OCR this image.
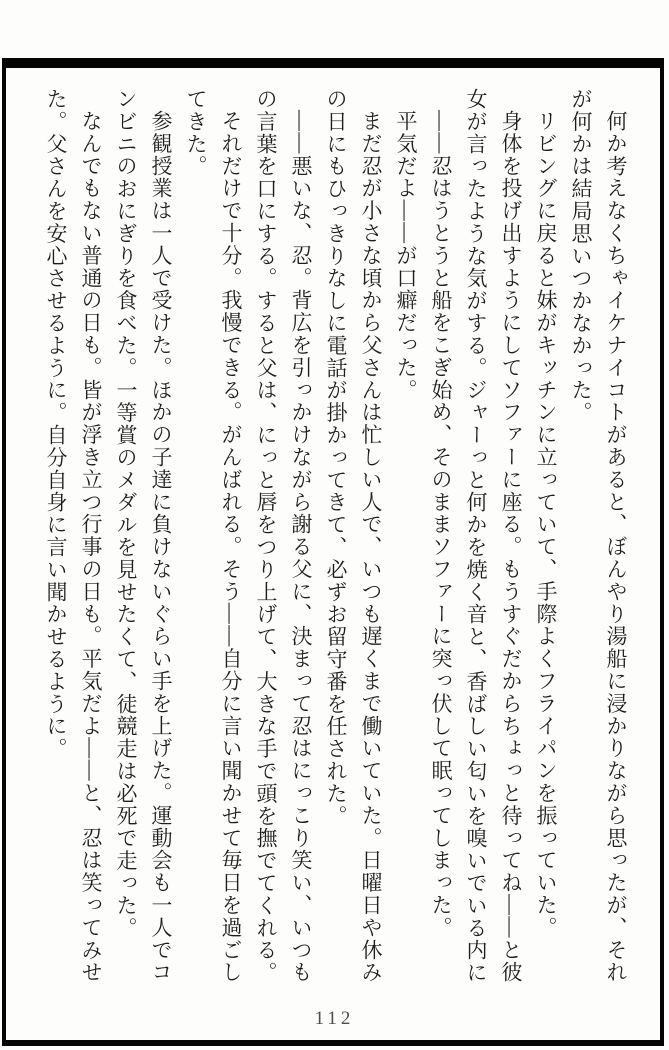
何か考えなくちゃイケナイコトがあると、ぼんやり湯船に浸かりながら思ったが、それ
が何かは結局思いつかなかった。
リビングに戻ると妹がキッチンに立っていて、手際よくフライパンを振っていた。
身体を投げ出すようにしてソファーに座る。もうすぐだからちょっと待ってね――と彼
女が言ったような気がする。ジャーっと何かを焼く音と、香ばしい匂いを嗅いでいる内に
――忍はうとうと船をこぎ始め、そのままソファーに突っ伏して眠ってしまった。
平気だよ――が口癖だった。
まだ忍が小さな頃から父さんは忙しい人で、いつも遅くまで働いていた。日曜日や休み
の日にもひっきりなしに電話が掛かってきて、必ずお留守番を任された。
――悪いな、忍。背広を引っかけながら謝る父に、決まって忍はにっこり笑い、いつも
の言葉を口にする。すると父は、にっと唇をつり上げて、大きな手で頭を撫でてくれる。
それだけで十分。我慢できる。がんばれる。そう――自分に言い聞かせて毎日を過ごし
てきた。
参観授業は一人で受けた。ほかの子達に負けないぐらい手を上げた。運動会も一人でコ
ンビニのおにぎりを食べた。一等賞のメダルを見せたくて、徒競走は必死で走った。
なんでもない普通の日も。皆が浮き立つ行事の日も。平気だよ――と、忍は笑ってみせ
た。父さんを安心させるように。自分自身に言い聞かせるように。
112
